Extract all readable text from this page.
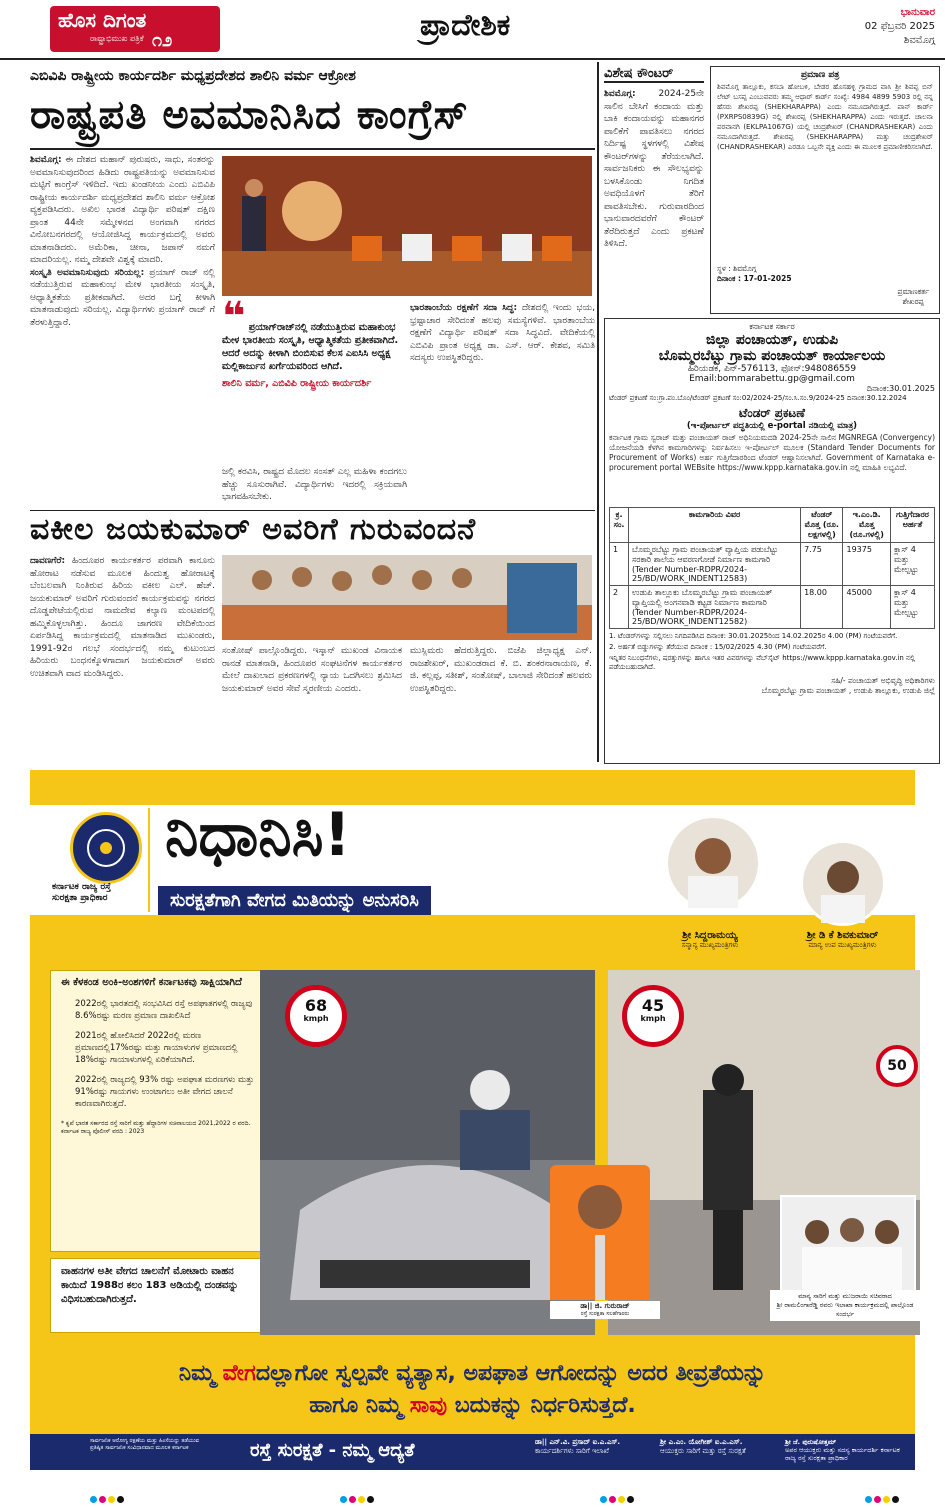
ಹೊಸ ದಿಗಂತ
ರಾಷ್ಟ್ರಾಭಿಮುಖ ಪತ್ರಿಕೆ ೧೨	ಪ್ರಾದೇಶಿಕ	ಭಾನುವಾರ
02 ಫೆಬ್ರವರಿ 2025
ಶಿವಮೊಗ್ಗ
ಎಬಿವಿಪಿ ರಾಷ್ಟ್ರೀಯ ಕಾರ್ಯದರ್ಶಿ ಮಧ್ಯಪ್ರದೇಶದ ಶಾಲಿನಿ ವರ್ಮ ಆಕ್ರೋಶ
ರಾಷ್ಟ್ರಪತಿ ಅವಮಾನಿಸಿದ ಕಾಂಗ್ರೆಸ್
ಶಿವಮೊಗ್ಗ: ಈ ದೇಶದ ಮಹಾನ್ ಪುರುಷರು, ಸಾಧು, ಸಂತರನ್ನು ಅವಮಾನಿಸುವುದರಿಂದ ಹಿಡಿದು ರಾಷ್ಟ್ರಪತಿಯನ್ನು ಅವಮಾನಿಸುವ ಮಟ್ಟಿಗೆ ಕಾಂಗ್ರೆಸ್ ಇಳಿದಿದೆ. ಇದು ಖಂಡನೀಯ ಎಂದು ಎಬಿವಿಪಿ ರಾಷ್ಟ್ರೀಯ ಕಾರ್ಯದರ್ಶಿ ಮಧ್ಯಪ್ರದೇಶದ ಶಾಲಿನಿ ವರ್ಮ ಆಕ್ರೋಶ ವ್ಯಕ್ತಪಡಿಸಿದರು. ಅಖಿಲ ಭಾರತ ವಿದ್ಯಾರ್ಥಿ ಪರಿಷತ್ ದಕ್ಷಿಣ ಪ್ರಾಂತ 44ನೇ ಸಮ್ಮೇಳನದ ಅಂಗವಾಗಿ ನಗರದ ವಿನೋಬನಗರದಲ್ಲಿ ಆಯೋಜಿಸಿದ್ದ ಕಾರ್ಯಕ್ರಮದಲ್ಲಿ ಅವರು ಮಾತನಾಡಿದರು. ಅಮೆರಿಕಾ, ಚೀನಾ, ಜಪಾನ್ ನಮಗೆ ಮಾದರಿಯಲ್ಲ. ನಮ್ಮ ದೇಶವೇ ವಿಶ್ವಕ್ಕೆ ಮಾದರಿ.
ಸಂಸ್ಕೃತಿ ಅವಮಾನಿಸುವುದು ಸರಿಯಲ್ಲ: ಪ್ರಯಾಗ್ ರಾಜ್ ನಲ್ಲಿ ನಡೆಯುತ್ತಿರುವ ಮಹಾಕುಂಭ ಮೇಳ ಭಾರತೀಯ ಸಂಸ್ಕೃತಿ, ಆಧ್ಯಾತ್ಮಿಕತೆಯ ಪ್ರತೀಕವಾಗಿದೆ. ಅದರ ಬಗ್ಗೆ ಕೀಳಾಗಿ ಮಾತನಾಡುವುದು ಸರಿಯಲ್ಲ. ವಿದ್ಯಾರ್ಥಿಗಳು ಪ್ರಯಾಗ್ ರಾಜ್ ಗೆ ತೆರಳುತ್ತಿದ್ದಾರೆ.	❝ ಪ್ರಯಾಗ್‌ರಾಜ್‌ನಲ್ಲಿ ನಡೆಯುತ್ತಿರುವ ಮಹಾಕುಂಭ ಮೇಳ ಭಾರತೀಯ ಸಂಸ್ಕೃತಿ, ಆಧ್ಯಾತ್ಮಿಕತೆಯ ಪ್ರತೀಕವಾಗಿದೆ. ಆದರೆ ಅದನ್ನು ಕೀಳಾಗಿ ಬಿಂಬಿಸುವ ಕೆಲಸ ಎಐಸಿಸಿ ಅಧ್ಯಕ್ಷ ಮಲ್ಲಿಕಾರ್ಜುನ ಖರ್ಗೆಯವರಿಂದ ಆಗಿದೆ.
ಶಾಲಿನಿ ವರ್ಮ, ಎಬಿವಿಪಿ ರಾಷ್ಟ್ರೀಯ ಕಾರ್ಯದರ್ಶಿ
ಜಲ್ಲಿ ಕರವಿಸಿ, ರಾಷ್ಟ್ರದ ಮೊದಲ ಸಂಸತ್ ಎಲ್ಲ ಮಹಿಳಾ ಕಂದಗಲು ಹೆಚ್ಚು ಸೂಸುರಾಗಿವೆ. ವಿದ್ಯಾರ್ಥಿಗಳು ಇದರಲ್ಲಿ ಸಕ್ರಿಯವಾಗಿ ಭಾಗವಹಿಸಬೇಕು.
ಭಾರತಾಂಬೆಯ ರಕ್ಷಣೆಗೆ ಸದಾ ಸಿದ್ಧ: ದೇಶದಲ್ಲಿ ಇಂದು ಭಯ, ಭ್ರಷ್ಟಾಚಾರ ಸೇರಿದಂತೆ ಹಲವು ಸಮಸ್ಯೆಗಳಿವೆ. ಭಾರತಾಂಬೆಯ ರಕ್ಷಣೆಗೆ ವಿದ್ಯಾರ್ಥಿ ಪರಿಷತ್ ಸದಾ ಸಿದ್ಧವಿದೆ. ವೇದಿಕೆಯಲ್ಲಿ ಎಬಿವಿಪಿ ಪ್ರಾಂತ ಅಧ್ಯಕ್ಷ ಡಾ. ಎಸ್. ಆರ್. ಕೇಶವ, ಸಮಿತಿ ಸದಸ್ಯರು ಉಪಸ್ಥಿತರಿದ್ದರು.
ವಕೀಲ ಜಯಕುಮಾರ್ ಅವರಿಗೆ ಗುರುವಂದನೆ
ದಾವಣಗೆರೆ: ಹಿಂದೂಪರ ಕಾರ್ಯಕರ್ತರ ಪರವಾಗಿ ಕಾನೂನು ಹೋರಾಟ ನಡೆಸುವ ಮೂಲಕ ಹಿಂದುತ್ವ ಹೋರಾಟಕ್ಕೆ ಬೆಂಬಲವಾಗಿ ನಿಂತಿರುವ ಹಿರಿಯ ವಕೀಲ ಎಲ್. ಹೆಚ್. ಜಯಕುಮಾರ್ ಅವರಿಗೆ ಗುರುವಂದನೆ ಕಾರ್ಯಕ್ರಮವನ್ನು ನಗರದ ದೊಡ್ಡಪೇಟೆಯಲ್ಲಿರುವ ನಾಮದೇವ ಕಲ್ಯಾಣ ಮಂಟಪದಲ್ಲಿ ಹಮ್ಮಿಕೊಳ್ಳಲಾಗಿತ್ತು. ಹಿಂದೂ ಜಾಗರಣ ವೇದಿಕೆಯಿಂದ ಏರ್ಪಡಿಸಿದ್ದ ಕಾರ್ಯಕ್ರಮದಲ್ಲಿ ಮಾತನಾಡಿದ ಮುಖಂಡರು, 1991-92ರ ಗಲಭೆ ಸಂದರ್ಭದಲ್ಲಿ ನಮ್ಮ ಕುಟುಂಬದ ಹಿರಿಯರು ಬಂಧನಕ್ಕೊಳಗಾದಾಗ ಜಯಕುಮಾರ್ ಅವರು ಉಚಿತವಾಗಿ ವಾದ ಮಂಡಿಸಿದ್ದರು.
ಸಂತೋಷ್ ಪಾಲ್ಗೊಂಡಿದ್ದರು. ಇಸ್ಕಾನ್‌ ಮುಖಂಡ ವಿನಾಯಕ ರಾನಡೆ ಮಾತನಾಡಿ, ಹಿಂದೂಪರ ಸಂಘಟನೆಗಳ ಕಾರ್ಯಕರ್ತರ ಮೇಲೆ ದಾಖಲಾದ ಪ್ರಕರಣಗಳಲ್ಲಿ ನ್ಯಾಯ ಒದಗಿಸಲು ಶ್ರಮಿಸಿದ ಜಯಕುಮಾರ್ ಅವರ ಸೇವೆ ಸ್ಮರಣೀಯ ಎಂದರು.
ಮುಸ್ಲಿಮರು ಹೆದರುತ್ತಿದ್ದರು. ಬಿಜೆಪಿ ಜಿಲ್ಲಾಧ್ಯಕ್ಷ ಎನ್. ರಾಜಶೇಖರ್, ಮುಖಂಡರಾದ ಕೆ. ಬಿ. ಶಂಕರನಾರಾಯಣ, ಕೆ. ಜಿ. ಕಲ್ಲಪ್ಪ, ಸತೀಶ್, ಸಂತೋಷ್, ಬಾಲಾಜಿ ಸೇರಿದಂತೆ ಹಲವರು ಉಪಸ್ಥಿತರಿದ್ದರು.
ವಿಶೇಷ ಕೌಂಟರ್
ಶಿವಮೊಗ್ಗ:	2024-25ನೇ ಸಾಲಿನ ಬೇಸಿಗೆ ಕಂದಾಯ ಮತ್ತು ಬಾಕಿ ಕಂದಾಯವನ್ನು ಮಹಾನಗರ ಪಾಲಿಕೆಗೆ ಪಾವತಿಸಲು ನಗರದ ನಿರ್ದಿಷ್ಟ ಸ್ಥಳಗಳಲ್ಲಿ ವಿಶೇಷ ಕೌಂಟರ್‌ಗಳನ್ನು ತೆರೆಯಲಾಗಿದೆ. ಸಾರ್ವಜನಿಕರು ಈ ಸೌಲಭ್ಯವನ್ನು ಬಳಸಿಕೊಂಡು ನಿಗದಿತ ಅವಧಿಯೊಳಗೆ ತೆರಿಗೆ ಪಾವತಿಸಬೇಕು. ಗುರುವಾರದಿಂದ ಭಾನುವಾರದವರೆಗೆ ಕೌಂಟರ್ ತೆರೆದಿರುತ್ತದೆ ಎಂದು ಪ್ರಕಟಣೆ ತಿಳಿಸಿದೆ.
ಪ್ರಮಾಣ ಪತ್ರ
ಶಿವಮೊಗ್ಗ ತಾಲ್ಲೂಕು, ಕಸಬಾ ಹೋಬಳಿ, ಬೇಡರ ಹೊಸಹಳ್ಳಿ ಗ್ರಾಮದ ವಾಸಿ ಶ್ರೀ ಶಿವಪ್ಪ ಬಿನ್ ಲೇಟ್ ಬಸಪ್ಪ ಎಂಬುವವರು ತಮ್ಮ ಆಧಾರ್ ಕಾರ್ಡ್ ಸಂಖ್ಯೆ: 4984 4899 5903 ರಲ್ಲಿ ನನ್ನ ಹೆಸರು ಶೇಖರಪ್ಪ (SHEKHARAPPA) ಎಂದು ನಮೂದಾಗಿರುತ್ತದೆ. ಪಾನ್ ಕಾರ್ಡ್ (PXRPS0839G) ನಲ್ಲಿ ಶೇಖರಪ್ಪ (SHEKHARAPPA) ಎಂದು ಇರುತ್ತದೆ. ಚಾಲನಾ ಪರವಾನಗಿ (EKLPA1067G) ಯಲ್ಲಿ ಚಂದ್ರಶೇಖರ್ (CHANDRASHEKAR) ಎಂದು ನಮೂದಾಗಿರುತ್ತದೆ. ಶೇಖರಪ್ಪ (SHEKHARAPPA) ಮತ್ತು ಚಂದ್ರಶೇಖರ್ (CHANDRASHEKAR) ಎರಡೂ ಒಬ್ಬನೇ ವ್ಯಕ್ತಿ ಎಂದು ಈ ಮೂಲಕ ಪ್ರಮಾಣೀಕರಿಸಲಾಗಿದೆ.
ಸ್ಥಳ : ಶಿವಮೊಗ್ಗ
ದಿನಾಂಕ : 17-01-2025
ಪ್ರಮಾಣಕರ್ತ
ಶೇಖರಪ್ಪ
ಕರ್ನಾಟಕ ಸರ್ಕಾರ
ಜಿಲ್ಲಾ ಪಂಚಾಯತ್, ಉಡುಪಿ
ಬೊಮ್ಮರಬೆಟ್ಟು ಗ್ರಾಮ ಪಂಚಾಯತ್ ಕಾರ್ಯಾಲಯ
ಹಿರಿಯಡಕ, ಪಿನ್-576113, ಫೋನ್:948086559
Email:bommarabettu.gp@gmail.com
ದಿನಾಂಕ:30.01.2025
ಟೆಂಡರ್ ಪ್ರಕಟಣೆ ಸಂ:ಗ್ರಾ.ಪಂ.ಬೊಂ/ಟೆಂಡರ್ ಪ್ರಕಟಣೆ ಸಂ:02/2024-25/ಸಂ.ಸಿ.ಸಂ.9/2024-25 ದಿನಾಂಕ:30.12.2024
ಟೆಂಡರ್ ಪ್ರಕಟಣೆ
(ಇ-ಪೋರ್ಟಲ್ ಪದ್ಧತಿಯಲ್ಲಿ e-portal ನಡಿಯಲ್ಲಿ ಮಾತ್ರ)
ಕರ್ನಾಟಕ ಗ್ರಾಮ ಸ್ವರಾಜ್ ಮತ್ತು ಪಂಚಾಯತ್ ರಾಜ್ ಅಧಿನಿಯಮದಡಿ 2024-25ನೇ ಸಾಲಿನ MGNREGA (Convergency) ಯೋಜನೆಯಡಿ ಕೆಳಗಿನ ಕಾಮಗಾರಿಗಳನ್ನು ನಿರ್ವಹಿಸಲು ಇ-ಪೋರ್ಟಲ್ ಮೂಲಕ (Standard Tender Documents for Procurement of Works) ಅರ್ಹ ಗುತ್ತಿಗೆದಾರರಿಂದ ಟೆಂಡರ್ ಆಹ್ವಾನಿಸಲಾಗಿದೆ. Government of Karnataka e-procurement portal WEBsite https://www.kppp.karnataka.gov.in ನಲ್ಲಿ ಮಾಹಿತಿ ಲಭ್ಯವಿದೆ.
ಕ್ರ. ಸಂ.	ಕಾಮಗಾರಿಯ ವಿವರ	ಟೆಂಡರ್ ಮೊತ್ತ (ರೂ. ಲಕ್ಷಗಳಲ್ಲಿ)	ಇ.ಎಂ.ಡಿ. ಮೊತ್ತ (ರೂ.ಗಳಲ್ಲಿ)	ಗುತ್ತಿಗೆದಾರರ ಅರ್ಹತೆ
1	ಬೊಮ್ಮರಬೆಟ್ಟು ಗ್ರಾಮ ಪಂಚಾಯತ್ ವ್ಯಾಪ್ತಿಯ ಪಡುಬೆಟ್ಟು ಸರಕಾರಿ ಶಾಲೆಯ ಆವರಣಗೋಡೆ ನಿರ್ಮಾಣ ಕಾಮಗಾರಿ (Tender Number-RDPR/2024-25/BD/WORK_INDENT12583)	7.75	19375	ಕ್ಲಾಸ್ 4 ಮತ್ತು ಮೇಲ್ಪಟ್ಟು
2	ಉಡುಪಿ ತಾಲ್ಲೂಕು ಬೊಮ್ಮರಬೆಟ್ಟು ಗ್ರಾಮ ಪಂಚಾಯತ್ ವ್ಯಾಪ್ತಿಯಲ್ಲಿ ಅಂಗನವಾಡಿ ಕಟ್ಟಡ ನಿರ್ಮಾಣ ಕಾಮಗಾರಿ (Tender Number-RDPR/2024-25/BD/WORK_INDENT12582)	18.00	45000	ಕ್ಲಾಸ್ 4 ಮತ್ತು ಮೇಲ್ಪಟ್ಟು
1. ಟೆಂಡರ್‌ಗಳನ್ನು ಸಲ್ಲಿಸಲು ನಿಗದಿಪಡಿಸಿದ ದಿನಾಂಕ: 30.01.2025ರಿಂದ 14.02.2025ರ 4.00 (PM) ಗಂಟೆಯವರೆಗೆ.
2. ಅರ್ಹತೆ ಬಿಡ್ಡುಗಳನ್ನು ತೆರೆಯುವ ದಿನಾಂಕ : 15/02/2025 4.30 (PM) ಗಂಟೆಯವರೆಗೆ.
ಇನ್ನಿತರ ನಿಬಂಧನೆಗಳು, ಷರತ್ತುಗಳನ್ನು ಹಾಗೂ ಇತರ ವಿವರಗಳನ್ನು ವೆಬ್‌ಸೈಟ್ https://www.kppp.karnataka.gov.in ನಲ್ಲಿ ಪಡೆಯಬಹುದಾಗಿದೆ.
ಸಹಿ/- ಪಂಚಾಯತ್ ಅಭಿವೃದ್ಧಿ ಅಧಿಕಾರಿಗಳು
ಬೊಮ್ಮರಬೆಟ್ಟು ಗ್ರಾಮ ಪಂಚಾಯತ್ , ಉಡುಪಿ ತಾಲ್ಲೂಕು, ಉಡುಪಿ ಜಿಲ್ಲೆ
ಕರ್ನಾಟಕ ರಾಜ್ಯ ರಸ್ತೆ
ಸುರಕ್ಷತಾ ಪ್ರಾಧಿಕಾರ
ನಿಧಾನಿಸಿ!
ಸುರಕ್ಷತೆಗಾಗಿ ವೇಗದ ಮಿತಿಯನ್ನು ಅನುಸರಿಸಿ
ಶ್ರೀ ಸಿದ್ದರಾಮಯ್ಯ
ಸನ್ಮಾನ್ಯ ಮುಖ್ಯಮಂತ್ರಿಗಳು
ಶ್ರೀ ಡಿ ಕೆ ಶಿವಕುಮಾರ್
ಮಾನ್ಯ ಉಪ ಮುಖ್ಯಮಂತ್ರಿಗಳು
ಈ ಕೆಳಕಂಡ ಅಂಕಿ-ಅಂಶಗಳಿಗೆ ಕರ್ನಾಟಕವು ಸಾಕ್ಷಿಯಾಗಿದೆ
2022ರಲ್ಲಿ ಭಾರತದಲ್ಲಿ ಸಂಭವಿಸಿದ ರಸ್ತೆ ಅಪಘಾತಗಳಲ್ಲಿ ರಾಜ್ಯವು 8.6%ರಷ್ಟು ಮರಣ ಪ್ರಮಾಣ ದಾಖಲಿಸಿದೆ
2021ರಲ್ಲಿ ಹೋಲಿಸಿದರೆ 2022ರಲ್ಲಿ ಮರಣ ಪ್ರಮಾಣದಲ್ಲಿ17%ರಷ್ಟು ಮತ್ತು ಗಾಯಾಳುಗಳ ಪ್ರಮಾಣದಲ್ಲಿ 18%ರಷ್ಟು ಗಾಯಾಳುಗಳಲ್ಲಿ ಏರಿಕೆಯಾಗಿದೆ.
2022ರಲ್ಲಿ ರಾಜ್ಯದಲ್ಲಿ 93% ರಷ್ಟು ಅಪಘಾತ ಮರಣಗಳು ಮತ್ತು 91%ರಷ್ಟು ಗಾಯಗಳು ಉಂಟಾಗಲು ಅತೀ ವೇಗದ ಚಾಲನೆ ಕಾರಣವಾಗಿರುತ್ತದೆ.
* ಕೃಪೆ ಭಾರತ ಸರ್ಕಾರದ ರಸ್ತೆ ಸಾರಿಗೆ ಮತ್ತು ಹೆದ್ದಾರಿಗಳ ಸಚಿವಾಲಯದ 2021,2022 ರ ವರದಿ.
ಕರ್ನಾಟಕ ರಾಜ್ಯ ಪೊಲೀಸ್ ವರದಿ : 2023
ವಾಹನಗಳ ಅತೀ ವೇಗದ ಚಾಲನೆಗೆ ಮೋಟಾರು ವಾಹನ ಕಾಯಿದೆ 1988ರ ಕಲಂ 183 ಅಡಿಯಲ್ಲಿ ದಂಡವನ್ನು ವಿಧಿಸಬಹುದಾಗಿರುತ್ತದೆ.
68
kmph
45
kmph
50
ಮಾನ್ಯ ಸಾರಿಗೆ ಮತ್ತು ಮುಜರಾಯಿ ಸಚಿವರಾದ
ಶ್ರೀ ರಾಮಲಿಂಗಾರೆಡ್ಡಿ ರವರು ಇಲಾಖಾ ಕಾರ್ಯಕ್ರಮದಲ್ಲಿ ಪಾಲ್ಗೊಂಡ ಸಂದರ್ಭ
ಡಾ|| ಜಿ. ಗುರುರಾಜ್
ರಸ್ತೆ ಸುರಕ್ಷತಾ ಸಲಹೆಗಾರರು
ನಿಮ್ಮ ವೇಗದಲ್ಲಾಗೋ ಸ್ವಲ್ಪವೇ ವ್ಯತ್ಯಾಸ, ಅಪಘಾತ ಆಗೋದನ್ನು ಅದರ ತೀವ್ರತೆಯನ್ನು
ಹಾಗೂ ನಿಮ್ಮ ಸಾವು ಬದುಕನ್ನು ನಿರ್ಧರಿಸುತ್ತದೆ.
ಸಾರ್ವಜನಿಕ ಆರೋಗ್ಯ ರಕ್ಷಣೆಯ ಮತ್ತು ಹಿಂಸೆಯನ್ನು ತಡೆಯುವ ಪ್ರತಿಷ್ಠಿತ ಸಾರ್ವಜನಿಕ ಸಂವಿಧಾನವಾದ ಮೂಲಕ ಕರ್ನಾಟಕ	ರಸ್ತೆ ಸುರಕ್ಷತೆ - ನಮ್ಮ ಆದ್ಯತೆ	ಡಾ|| ಎನ್.ವಿ. ಪ್ರಸಾದ್ ಐ.ಎ.ಎಸ್.
ಕಾರ್ಯದರ್ಶಿಗಳು ಸಾರಿಗೆ ಇಲಾಖೆ
ಶ್ರೀ ಎ.ಎಂ. ಯೋಗೀಶ್ ಐ.ಎ.ಎಸ್.
ಆಯುಕ್ತರು ಸಾರಿಗೆ ಮತ್ತು ರಸ್ತೆ ಸುರಕ್ಷತೆ
ಶ್ರೀ ಜೆ. ಪುರುಷೋತ್ತಮ್
ಅಪರ ಆಯುಕ್ತರು ಮತ್ತು ಸದಸ್ಯ ಕಾರ್ಯದರ್ಶಿ ಕರ್ನಾಟಕ ರಾಜ್ಯ ರಸ್ತೆ ಸುರಕ್ಷತಾ ಪ್ರಾಧಿಕಾರ
